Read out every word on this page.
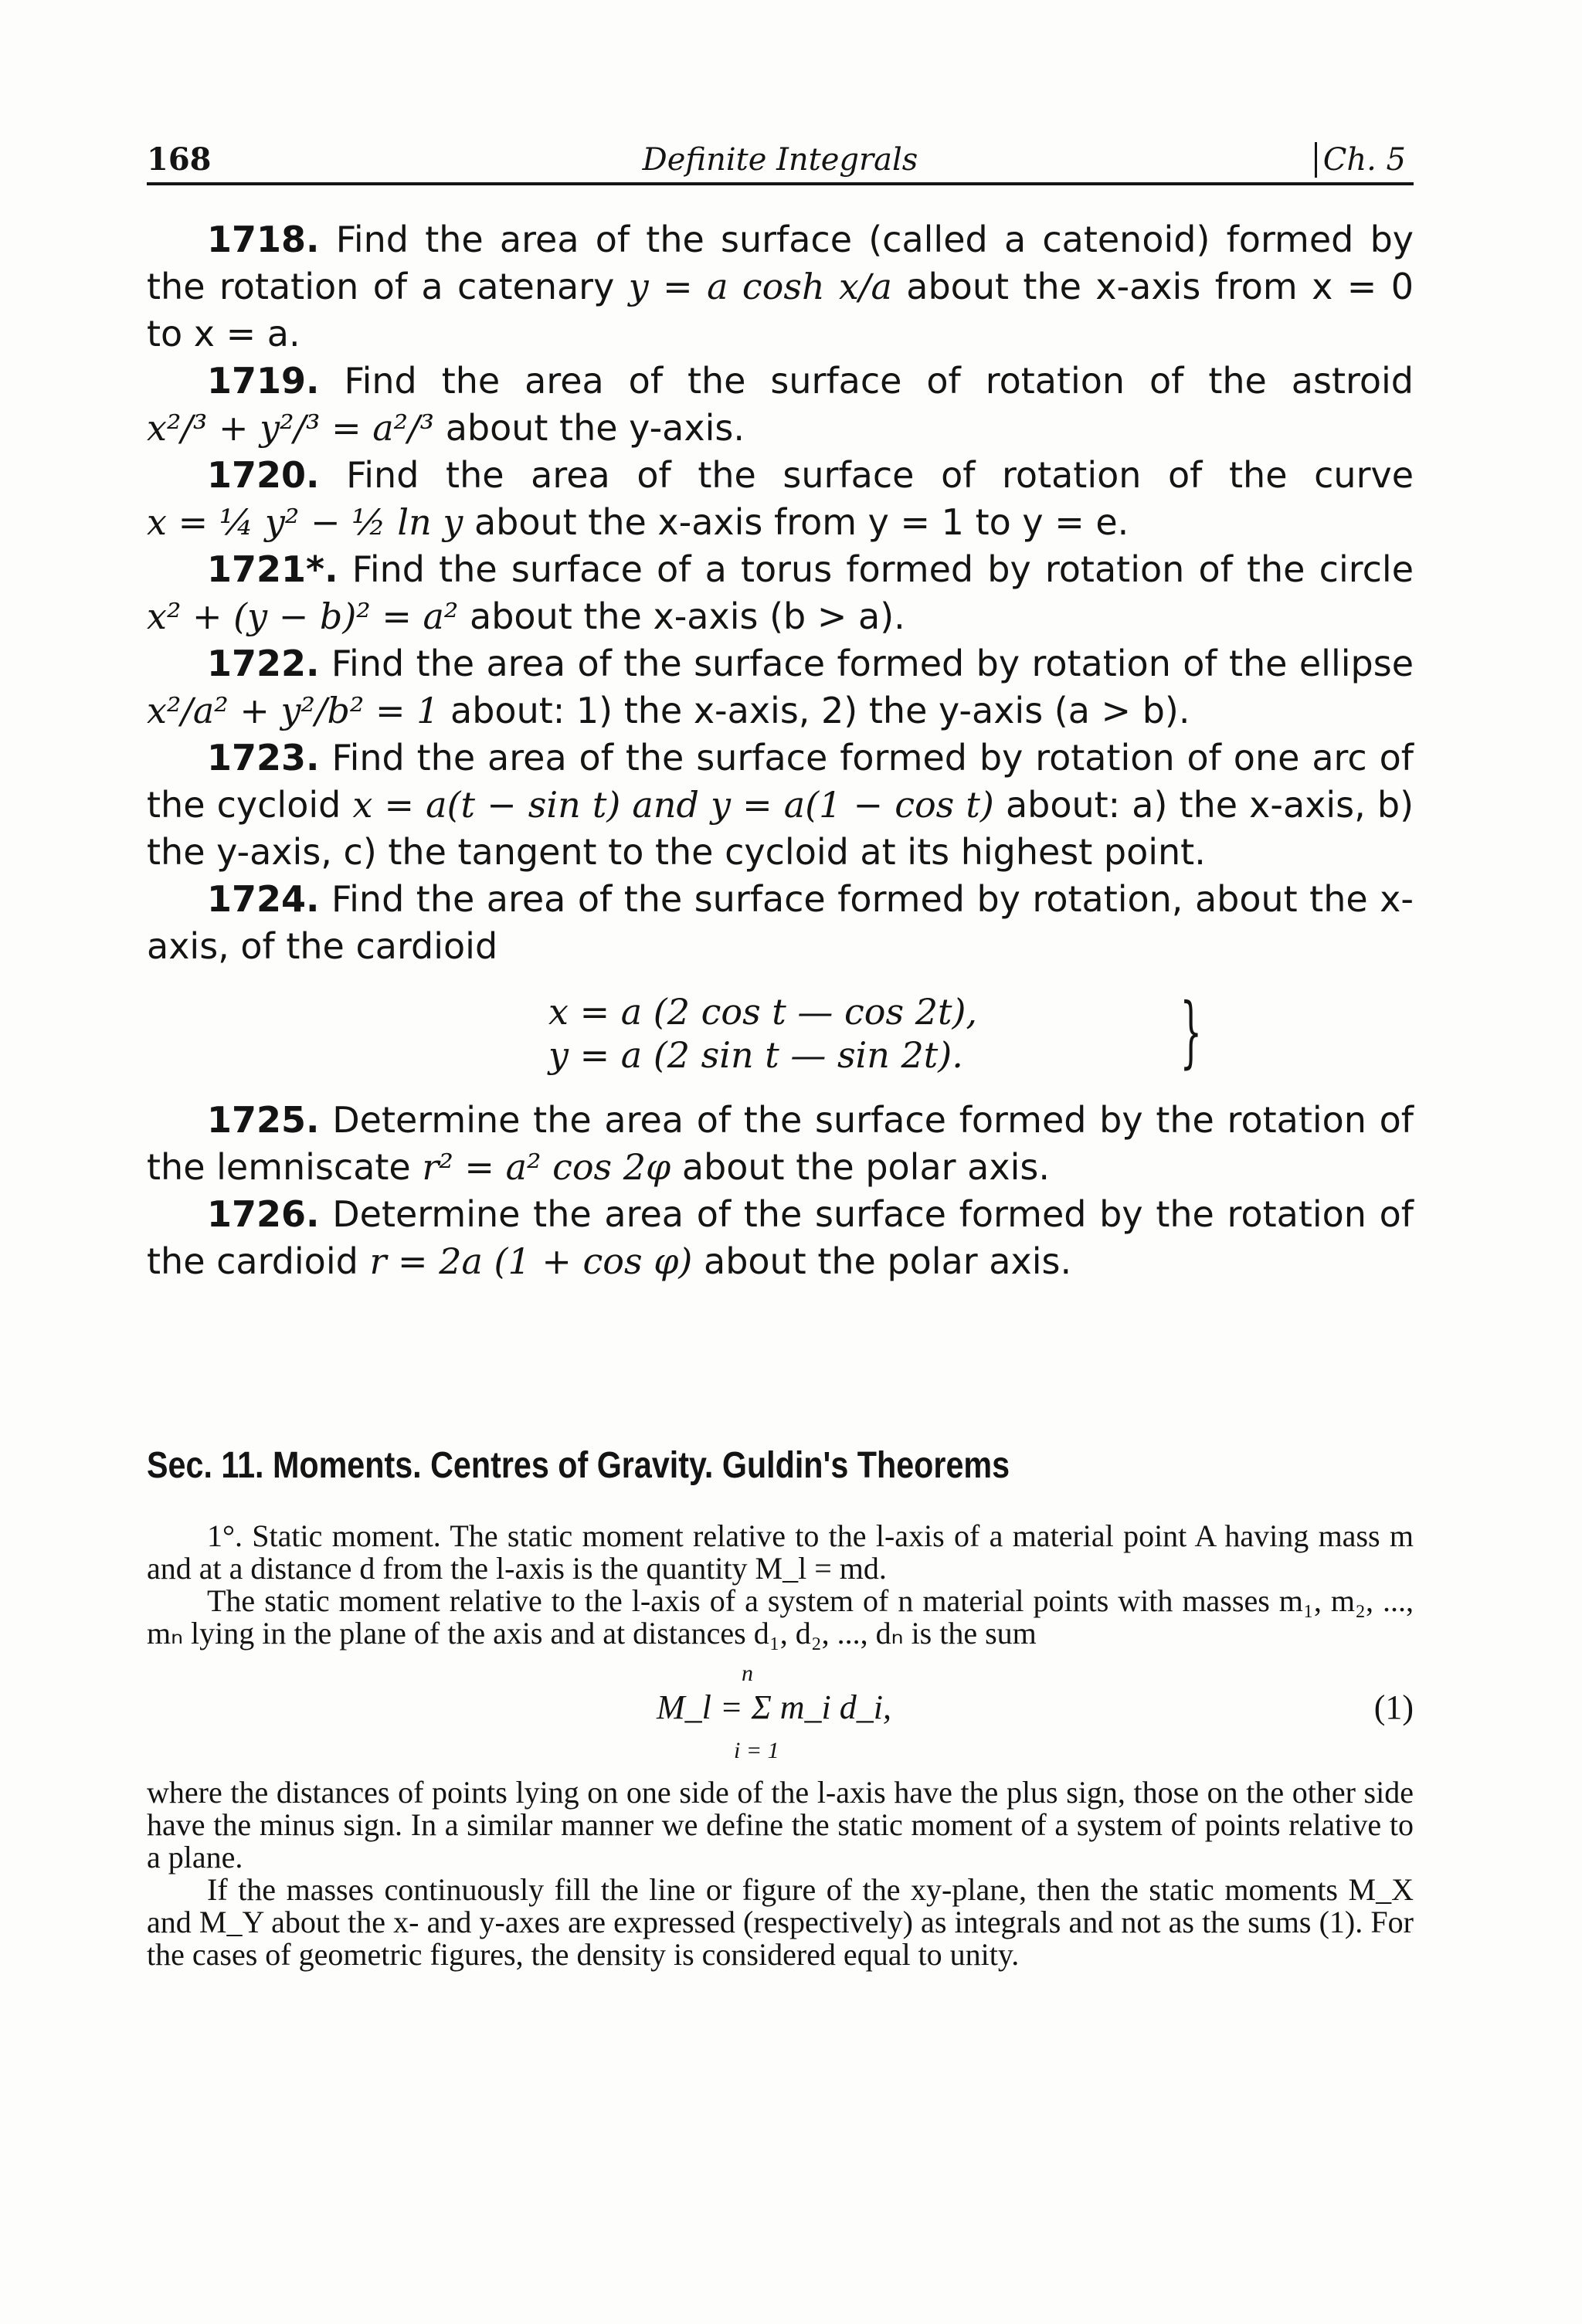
168	Definite Integrals	Ch. 5

1718. Find the area of the surface (called a catenoid) formed by the rotation of a catenary y = a cosh x/a about the x-axis from x = 0 to x = a.

1719. Find the area of the surface of rotation of the astroid x²/³ + y²/³ = a²/³ about the y-axis.

1720. Find the area of the surface of rotation of the curve x = ¼ y² − ½ ln y about the x-axis from y = 1 to y = e.

1721*. Find the surface of a torus formed by rotation of the circle x² + (y − b)² = a² about the x-axis (b > a).

1722. Find the area of the surface formed by rotation of the ellipse x²/a² + y²/b² = 1 about: 1) the x-axis, 2) the y-axis (a > b).

1723. Find the area of the surface formed by rotation of one arc of the cycloid x = a(t − sin t) and y = a(1 − cos t) about: a) the x-axis, b) the y-axis, c) the tangent to the cycloid at its highest point.

1724. Find the area of the surface formed by rotation, about the x-axis, of the cardioid

x = a (2 cos t — cos 2t),
y = a (2 sin t — sin 2t).	}

1725. Determine the area of the surface formed by the rotation of the lemniscate r² = a² cos 2φ about the polar axis.

1726. Determine the area of the surface formed by the rotation of the cardioid r = 2a (1 + cos φ) about the polar axis.

Sec. 11. Moments. Centres of Gravity. Guldin's Theorems

1°. Static moment. The static moment relative to the l-axis of a material point A having mass m and at a distance d from the l-axis is the quantity M_l = md.

The static moment relative to the l-axis of a system of n material points with masses m₁, m₂, ..., mₙ lying in the plane of the axis and at distances d₁, d₂, ..., dₙ is the sum

n
M_l = Σ m_i d_i,
i = 1
(1)

where the distances of points lying on one side of the l-axis have the plus sign, those on the other side have the minus sign. In a similar manner we define the static moment of a system of points relative to a plane.

If the masses continuously fill the line or figure of the xy-plane, then the static moments M_X and M_Y about the x- and y-axes are expressed (respectively) as integrals and not as the sums (1). For the cases of geometric figures, the density is considered equal to unity.
